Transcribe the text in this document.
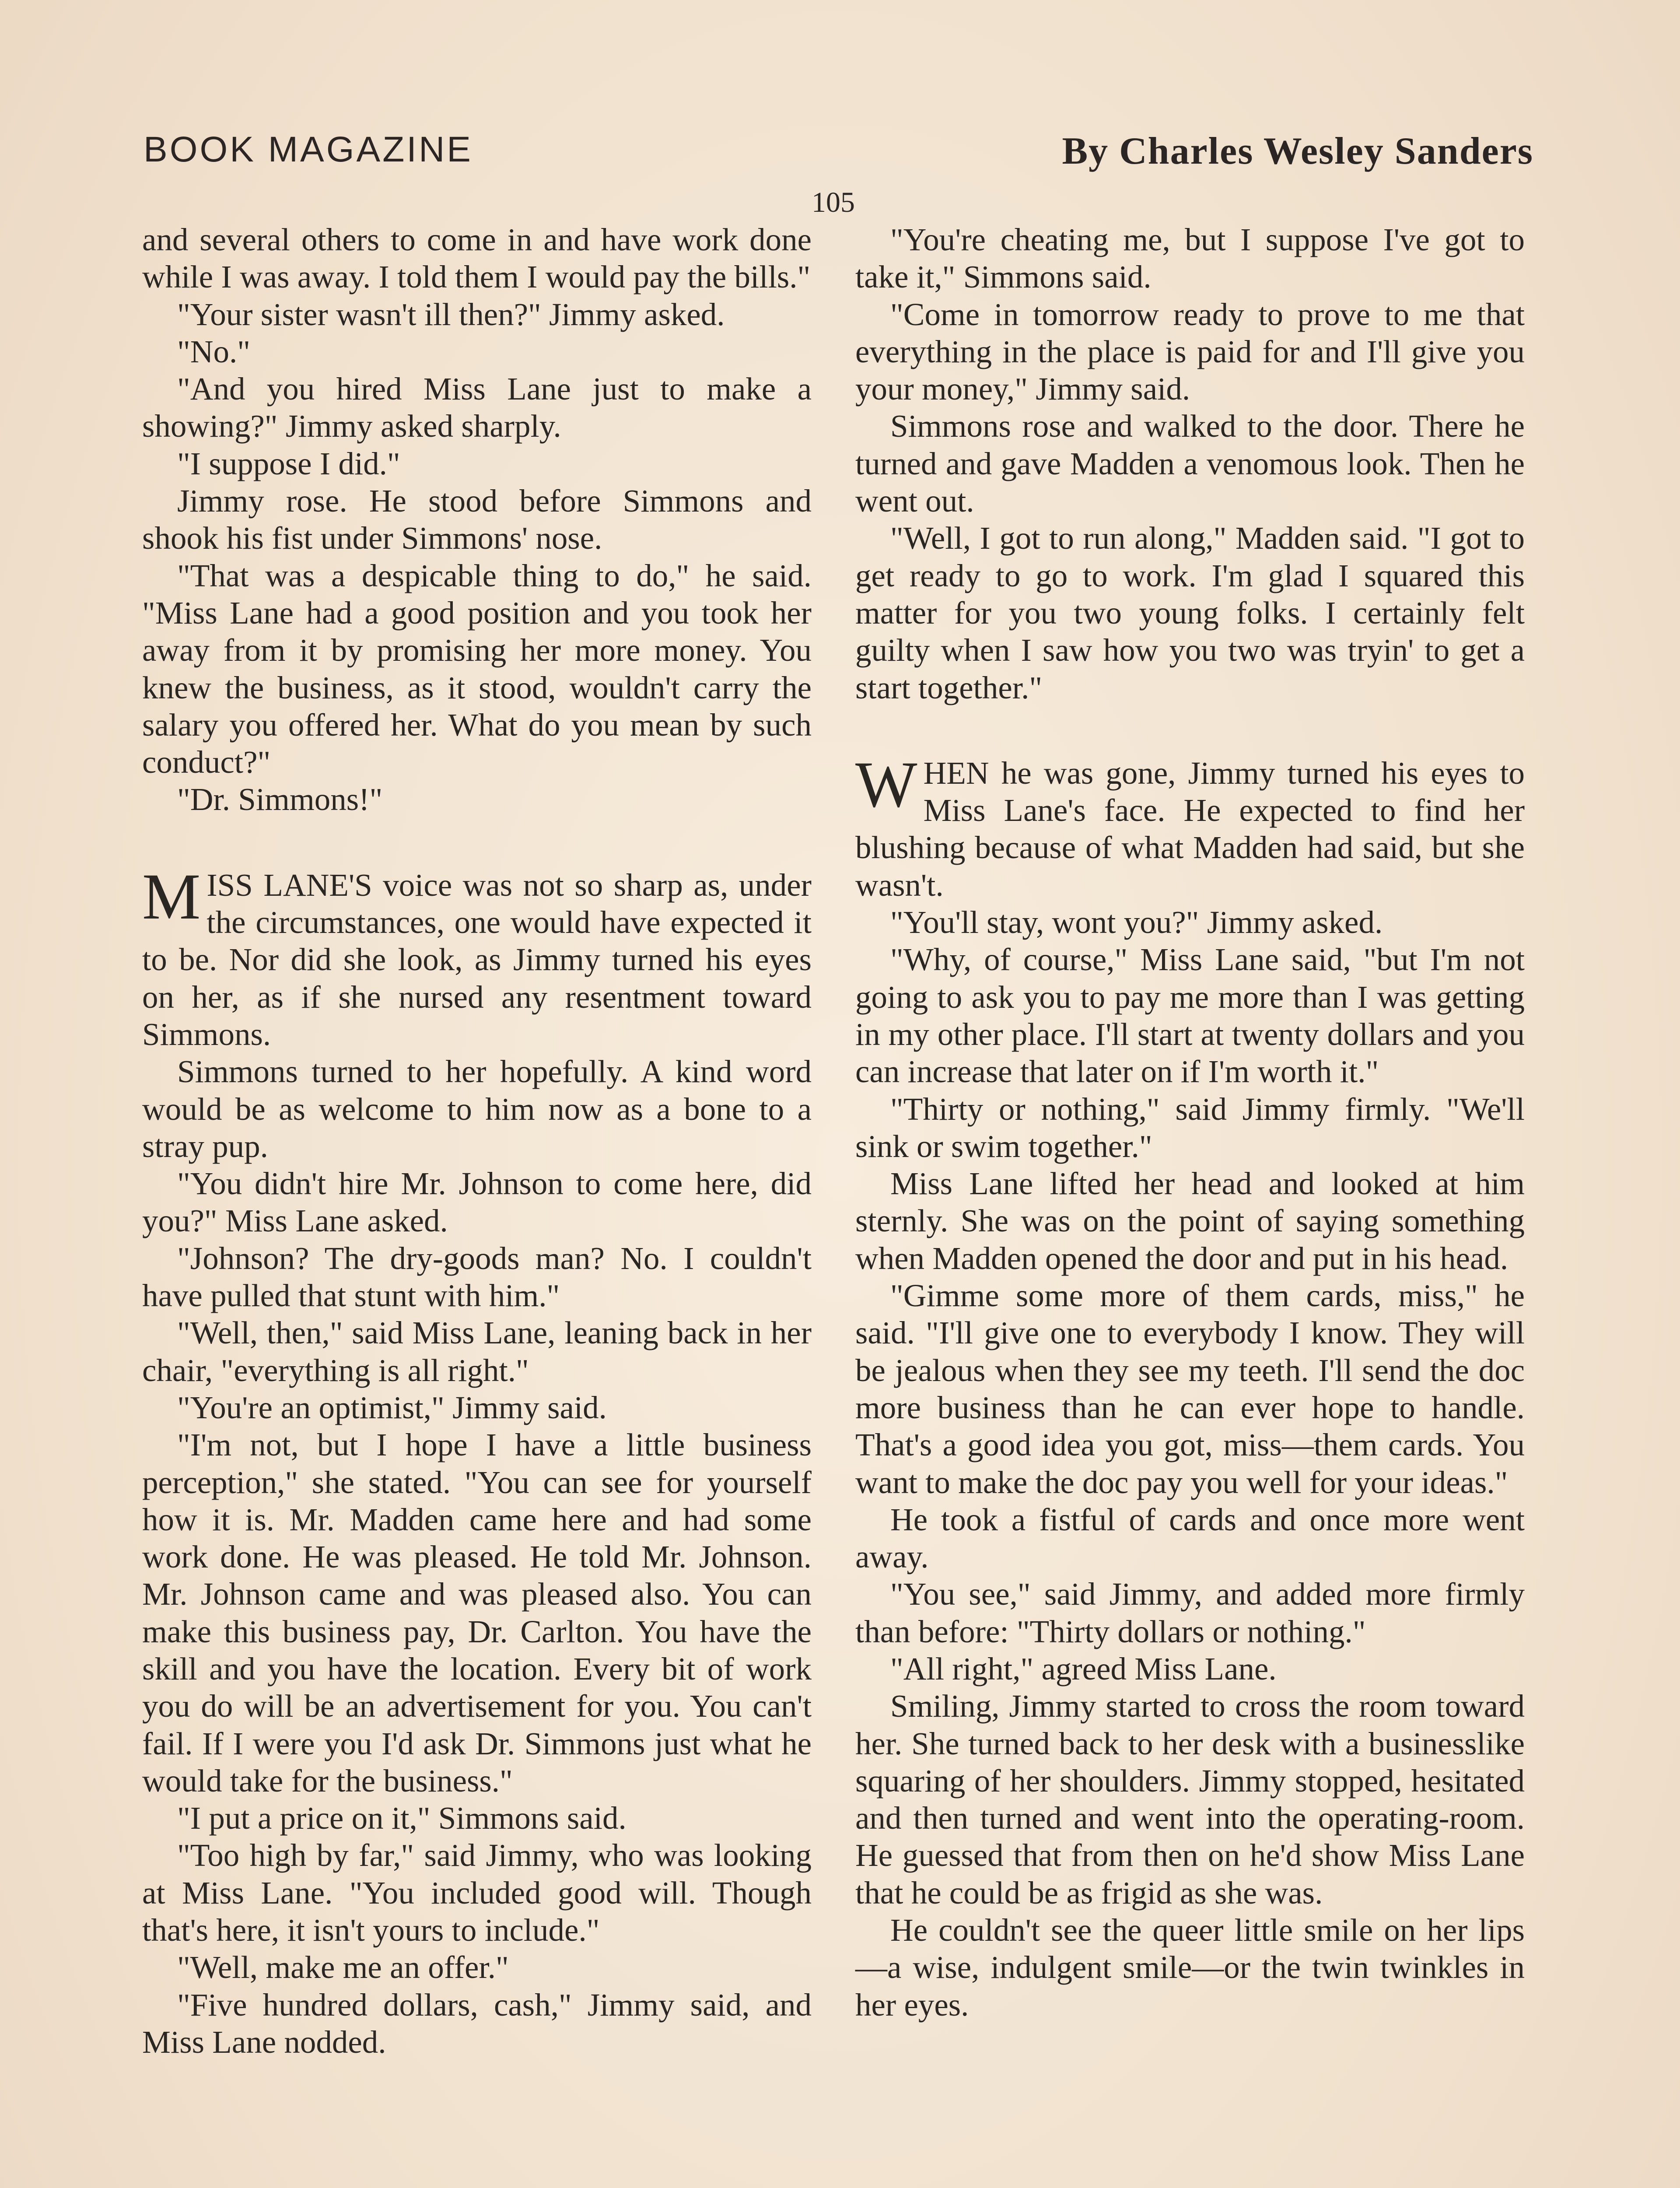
BOOK MAGAZINE	By Charles Wesley Sanders
105

and several others to come in and have work done while I was away. I told them I would pay the bills."

"Your sister wasn't ill then?" Jimmy asked.

"No."

"And you hired Miss Lane just to make a showing?" Jimmy asked sharply.

"I suppose I did."

Jimmy rose. He stood before Simmons and shook his fist under Simmons' nose.

"That was a despicable thing to do," he said. "Miss Lane had a good position and you took her away from it by promising her more money. You knew the business, as it stood, wouldn't carry the salary you offered her. What do you mean by such conduct?"

"Dr. Simmons!"

MISS LANE'S voice was not so sharp as, under the circumstances, one would have expected it to be. Nor did she look, as Jimmy turned his eyes on her, as if she nursed any resentment toward Simmons.

Simmons turned to her hopefully. A kind word would be as welcome to him now as a bone to a stray pup.

"You didn't hire Mr. Johnson to come here, did you?" Miss Lane asked.

"Johnson? The dry-goods man? No. I couldn't have pulled that stunt with him."

"Well, then," said Miss Lane, leaning back in her chair, "everything is all right."

"You're an optimist," Jimmy said.

"I'm not, but I hope I have a little business perception," she stated. "You can see for yourself how it is. Mr. Madden came here and had some work done. He was pleased. He told Mr. Johnson. Mr. Johnson came and was pleased also. You can make this business pay, Dr. Carlton. You have the skill and you have the location. Every bit of work you do will be an advertisement for you. You can't fail. If I were you I'd ask Dr. Simmons just what he would take for the business."

"I put a price on it," Simmons said.

"Too high by far," said Jimmy, who was looking at Miss Lane. "You included good will. Though that's here, it isn't yours to include."

"Well, make me an offer."

"Five hundred dollars, cash," Jimmy said, and Miss Lane nodded.

"You're cheating me, but I suppose I've got to take it," Simmons said.

"Come in tomorrow ready to prove to me that everything in the place is paid for and I'll give you your money," Jimmy said.

Simmons rose and walked to the door. There he turned and gave Madden a venomous look. Then he went out.

"Well, I got to run along," Madden said. "I got to get ready to go to work. I'm glad I squared this matter for you two young folks. I certainly felt guilty when I saw how you two was tryin' to get a start together."

WHEN he was gone, Jimmy turned his eyes to Miss Lane's face. He expected to find her blushing because of what Madden had said, but she wasn't.

"You'll stay, wont you?" Jimmy asked.

"Why, of course," Miss Lane said, "but I'm not going to ask you to pay me more than I was getting in my other place. I'll start at twenty dollars and you can increase that later on if I'm worth it."

"Thirty or nothing," said Jimmy firmly. "We'll sink or swim together."

Miss Lane lifted her head and looked at him sternly. She was on the point of saying something when Madden opened the door and put in his head.

"Gimme some more of them cards, miss," he said. "I'll give one to everybody I know. They will be jealous when they see my teeth. I'll send the doc more business than he can ever hope to handle. That's a good idea you got, miss—them cards. You want to make the doc pay you well for your ideas."

He took a fistful of cards and once more went away.

"You see," said Jimmy, and added more firmly than before: "Thirty dollars or nothing."

"All right," agreed Miss Lane.

Smiling, Jimmy started to cross the room toward her. She turned back to her desk with a businesslike squaring of her shoulders. Jimmy stopped, hesitated and then turned and went into the operating-room. He guessed that from then on he'd show Miss Lane that he could be as frigid as she was.

He couldn't see the queer little smile on her lips—a wise, indulgent smile—or the twin twinkles in her eyes.
